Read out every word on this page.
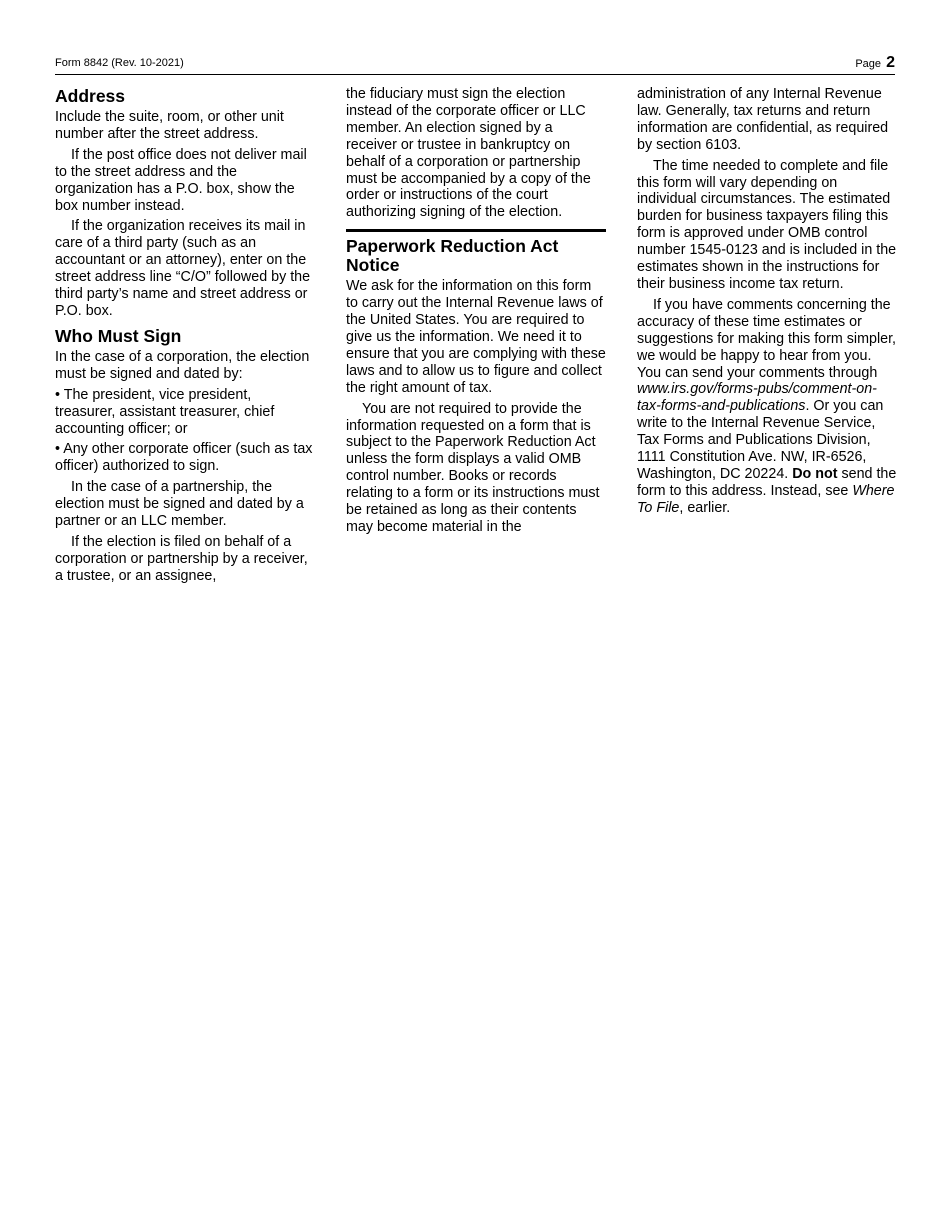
Form 8842 (Rev. 10-2021)	Page 2
Address

Include the suite, room, or other unit number after the street address.

If the post office does not deliver mail to the street address and the organization has a P.O. box, show the box number instead.

If the organization receives its mail in care of a third party (such as an accountant or an attorney), enter on the street address line “C/O” followed by the third party’s name and street address or P.O. box.

Who Must Sign

In the case of a corporation, the election must be signed and dated by:

• The president, vice president, treasurer, assistant treasurer, chief accounting officer; or

• Any other corporate officer (such as tax officer) authorized to sign.

In the case of a partnership, the election must be signed and dated by a partner or an LLC member.

If the election is filed on behalf of a corporation or partnership by a receiver, a trustee, or an assignee,

the fiduciary must sign the election instead of the corporate officer or LLC member. An election signed by a receiver or trustee in bankruptcy on behalf of a corporation or partnership must be accompanied by a copy of the order or instructions of the court authorizing signing of the election.

Paperwork Reduction Act Notice

We ask for the information on this form to carry out the Internal Revenue laws of the United States. You are required to give us the information. We need it to ensure that you are complying with these laws and to allow us to figure and collect the right amount of tax.

You are not required to provide the information requested on a form that is subject to the Paperwork Reduction Act unless the form displays a valid OMB control number. Books or records relating to a form or its instructions must be retained as long as their contents may become material in the

administration of any Internal Revenue law. Generally, tax returns and return information are confidential, as required by section 6103.

The time needed to complete and file this form will vary depending on individual circumstances. The estimated burden for business taxpayers filing this form is approved under OMB control number 1545-0123 and is included in the estimates shown in the instructions for their business income tax return.

If you have comments concerning the accuracy of these time estimates or suggestions for making this form simpler, we would be happy to hear from you. You can send your comments through www.irs.gov/forms-pubs/comment-on-tax-forms-and-publications. Or you can write to the Internal Revenue Service, Tax Forms and Publications Division, 1111 Constitution Ave. NW, IR-6526, Washington, DC 20224. Do not send the form to this address. Instead, see Where To File, earlier.
